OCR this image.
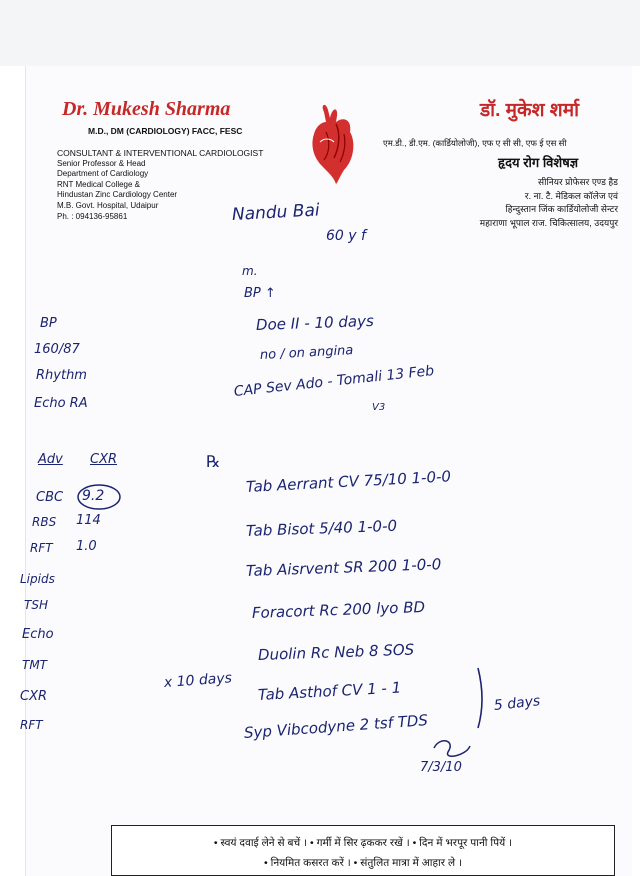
Dr. Mukesh Sharma
M.D., DM (CARDIOLOGY) FACC, FESC
CONSULTANT & INTERVENTIONAL CARDIOLOGIST
Senior Professor & Head
Department of Cardiology
RNT Medical College &
Hindustan Zinc Cardiology Center
M.B. Govt. Hospital, Udaipur
Ph. : 094136-95861
डॉ. मुकेश शर्मा
एम.डी., डी.एम. (कार्डियोलोजी), एफ ए सी सी, एफ ई एस सी
हृदय रोग विशेषज्ञ
सीनियर प्रोफेसर एण्ड हैड
र. ना. टै. मेडिकल कॉलेज एवं
हिन्दुस्तान जिंक कार्डियोलोजी सेन्टर
महाराणा भूपाल राज. चिकित्सालय, उदयपुर
Nandu Bai
60 y f
m.
BP ↑
Doe II - 10 days
no / on angina
CAP Sev Ado - Tomali 13 Feb
V3
BP
160/87
Rhythm
Echo RA
Adv CXR
CBC 9.2
RBS 114
RFT 1.0
Lipids
TSH
Echo
TMT
CXR
RFT
℞
Tab Aerrant CV 75/10 1-0-0
Tab Bisot 5/40 1-0-0
Tab Aisrvent SR 200 1-0-0
Foracort Rc 200 lyo BD
Duolin Rc Neb 8 SOS
Tab Asthof CV 1 - 1
Syp Vibcodyne 2 tsf TDS
x 10 days
5 days
7/3/10
• स्वयं दवाई लेने से बचें । • गर्मी में सिर ढ़ककर रखें । • दिन में भरपूर पानी पियें ।
• नियमित कसरत करें । • संतुलित मात्रा में आहार ले ।
